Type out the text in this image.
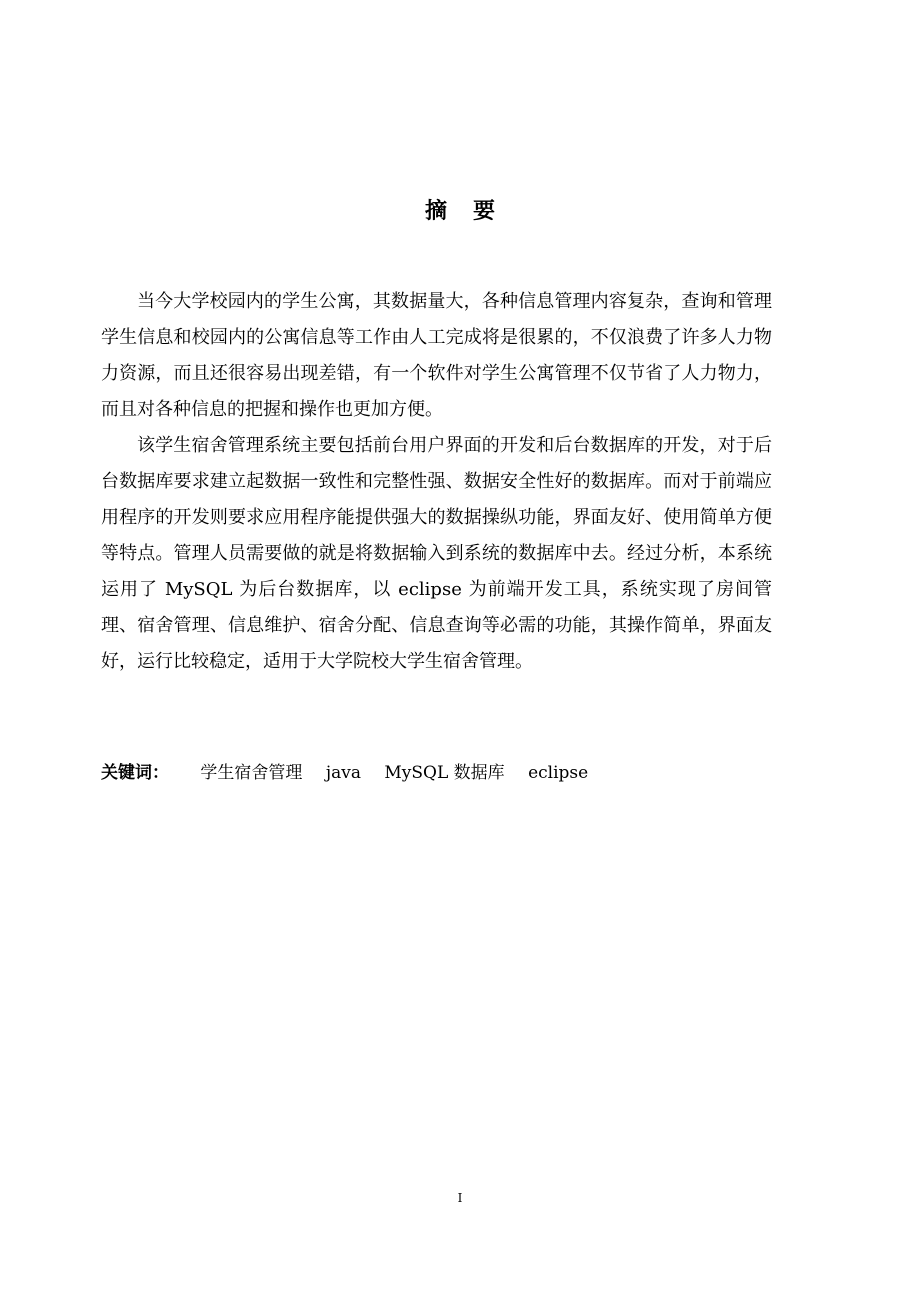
摘要

当今大学校园内的学生公寓，其数据量大，各种信息管理内容复杂，查询和管理学生信息和校园内的公寓信息等工作由人工完成将是很累的，不仅浪费了许多人力物力资源，而且还很容易出现差错，有一个软件对学生公寓管理不仅节省了人力物力，而且对各种信息的把握和操作也更加方便。

该学生宿舍管理系统主要包括前台用户界面的开发和后台数据库的开发，对于后台数据库要求建立起数据一致性和完整性强、数据安全性好的数据库。而对于前端应用程序的开发则要求应用程序能提供强大的数据操纵功能，界面友好、使用简单方便等特点。管理人员需要做的就是将数据输入到系统的数据库中去。经过分析，本系统运用了 MySQL 为后台数据库，以 eclipse 为前端开发工具，系统实现了房间管理、宿舍管理、信息维护、宿舍分配、信息查询等必需的功能，其操作简单，界面友好，运行比较稳定，适用于大学院校大学生宿舍管理。

关键词： 学生宿舍管理 java MySQL 数据库 eclipse
I
